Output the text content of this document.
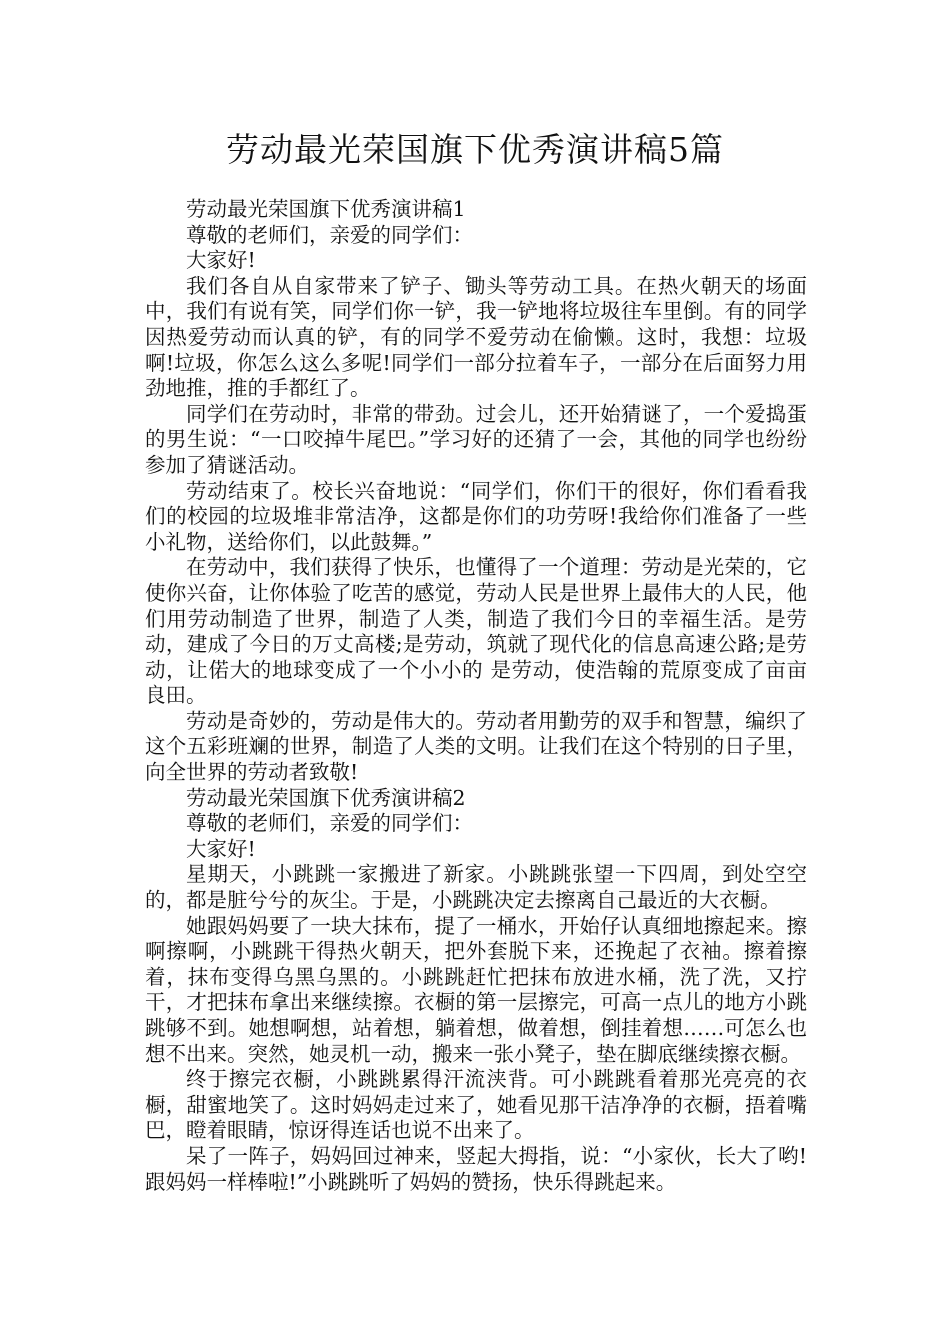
劳动最光荣国旗下优秀演讲稿5篇

劳动最光荣国旗下优秀演讲稿1

尊敬的老师们，亲爱的同学们：

大家好!

我们各自从自家带来了铲子、锄头等劳动工具。在热火朝天的场面中，我们有说有笑，同学们你一铲，我一铲地将垃圾往车里倒。有的同学因热爱劳动而认真的铲，有的同学不爱劳动在偷懒。这时，我想：垃圾啊!垃圾，你怎么这么多呢!同学们一部分拉着车子，一部分在后面努力用劲地推，推的手都红了。

同学们在劳动时，非常的带劲。过会儿，还开始猜谜了，一个爱捣蛋的男生说：“一口咬掉牛尾巴。”学习好的还猜了一会，其他的同学也纷纷参加了猜谜活动。

劳动结束了。校长兴奋地说：“同学们，你们干的很好，你们看看我们的校园的垃圾堆非常洁净，这都是你们的功劳呀!我给你们准备了一些小礼物，送给你们，以此鼓舞。”

在劳动中，我们获得了快乐，也懂得了一个道理：劳动是光荣的，它使你兴奋，让你体验了吃苦的感觉，劳动人民是世界上最伟大的人民，他们用劳动制造了世界，制造了人类，制造了我们今日的幸福生活。是劳动，建成了今日的万丈高楼;是劳动，筑就了现代化的信息高速公路;是劳动，让偌大的地球变成了一个小小的 是劳动，使浩翰的荒原变成了亩亩良田。

劳动是奇妙的，劳动是伟大的。劳动者用勤劳的双手和智慧，编织了这个五彩班斓的世界，制造了人类的文明。让我们在这个特别的日子里，向全世界的劳动者致敬!

劳动最光荣国旗下优秀演讲稿2

尊敬的老师们，亲爱的同学们：

大家好!

星期天，小跳跳一家搬进了新家。小跳跳张望一下四周，到处空空的，都是脏兮兮的灰尘。于是，小跳跳决定去擦离自己最近的大衣橱。

她跟妈妈要了一块大抹布，提了一桶水，开始仔认真细地擦起来。擦啊擦啊，小跳跳干得热火朝天，把外套脱下来，还挽起了衣袖。擦着擦着，抹布变得乌黑乌黑的。小跳跳赶忙把抹布放进水桶，洗了洗，又拧干，才把抹布拿出来继续擦。衣橱的第一层擦完，可高一点儿的地方小跳跳够不到。她想啊想，站着想，躺着想，做着想，倒挂着想……可怎么也想不出来。突然，她灵机一动，搬来一张小凳子，垫在脚底继续擦衣橱。

终于擦完衣橱，小跳跳累得汗流浃背。可小跳跳看着那光亮亮的衣橱，甜蜜地笑了。这时妈妈走过来了，她看见那干洁净净的衣橱，捂着嘴巴，瞪着眼睛，惊讶得连话也说不出来了。

呆了一阵子，妈妈回过神来，竖起大拇指，说：“小家伙，长大了哟!跟妈妈一样棒啦!”小跳跳听了妈妈的赞扬，快乐得跳起来。
